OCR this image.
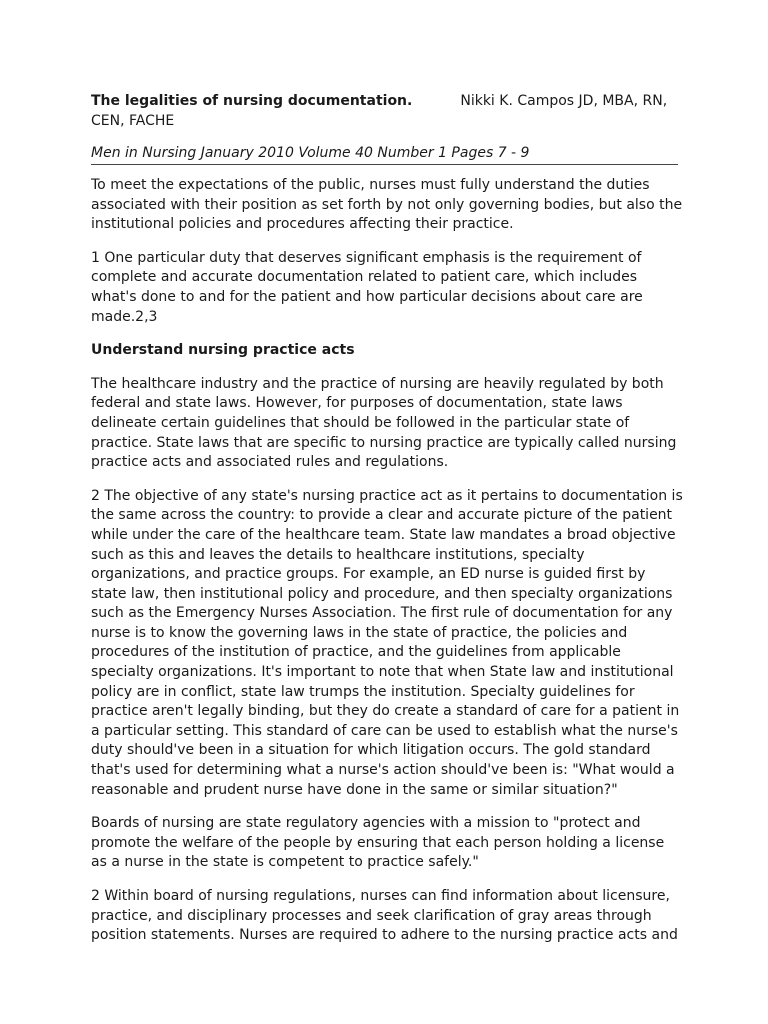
The legalities of nursing documentation.	Nikki K. Campos JD, MBA, RN, CEN, FACHE
Men in Nursing January 2010 Volume 40 Number 1 Pages 7 - 9

To meet the expectations of the public, nurses must fully understand the duties associated with their position as set forth by not only governing bodies, but also the institutional policies and procedures affecting their practice.

1 One particular duty that deserves significant emphasis is the requirement of complete and accurate documentation related to patient care, which includes what's done to and for the patient and how particular decisions about care are made.2,3

Understand nursing practice acts

The healthcare industry and the practice of nursing are heavily regulated by both federal and state laws. However, for purposes of documentation, state laws delineate certain guidelines that should be followed in the particular state of practice. State laws that are specific to nursing practice are typically called nursing practice acts and associated rules and regulations.

2 The objective of any state's nursing practice act as it pertains to documentation is the same across the country: to provide a clear and accurate picture of the patient while under the care of the healthcare team. State law mandates a broad objective such as this and leaves the details to healthcare institutions, specialty organizations, and practice groups. For example, an ED nurse is guided first by state law, then institutional policy and procedure, and then specialty organizations such as the Emergency Nurses Association. The first rule of documentation for any nurse is to know the governing laws in the state of practice, the policies and procedures of the institution of practice, and the guidelines from applicable specialty organizations. It's important to note that when State law and institutional policy are in conflict, state law trumps the institution. Specialty guidelines for practice aren't legally binding, but they do create a standard of care for a patient in a particular setting. This standard of care can be used to establish what the nurse's duty should've been in a situation for which litigation occurs. The gold standard that's used for determining what a nurse's action should've been is: "What would a reasonable and prudent nurse have done in the same or similar situation?"

Boards of nursing are state regulatory agencies with a mission to "protect and promote the welfare of the people by ensuring that each person holding a license as a nurse in the state is competent to practice safely."

2 Within board of nursing regulations, nurses can find information about licensure, practice, and disciplinary processes and seek clarification of gray areas through position statements. Nurses are required to adhere to the nursing practice acts and
